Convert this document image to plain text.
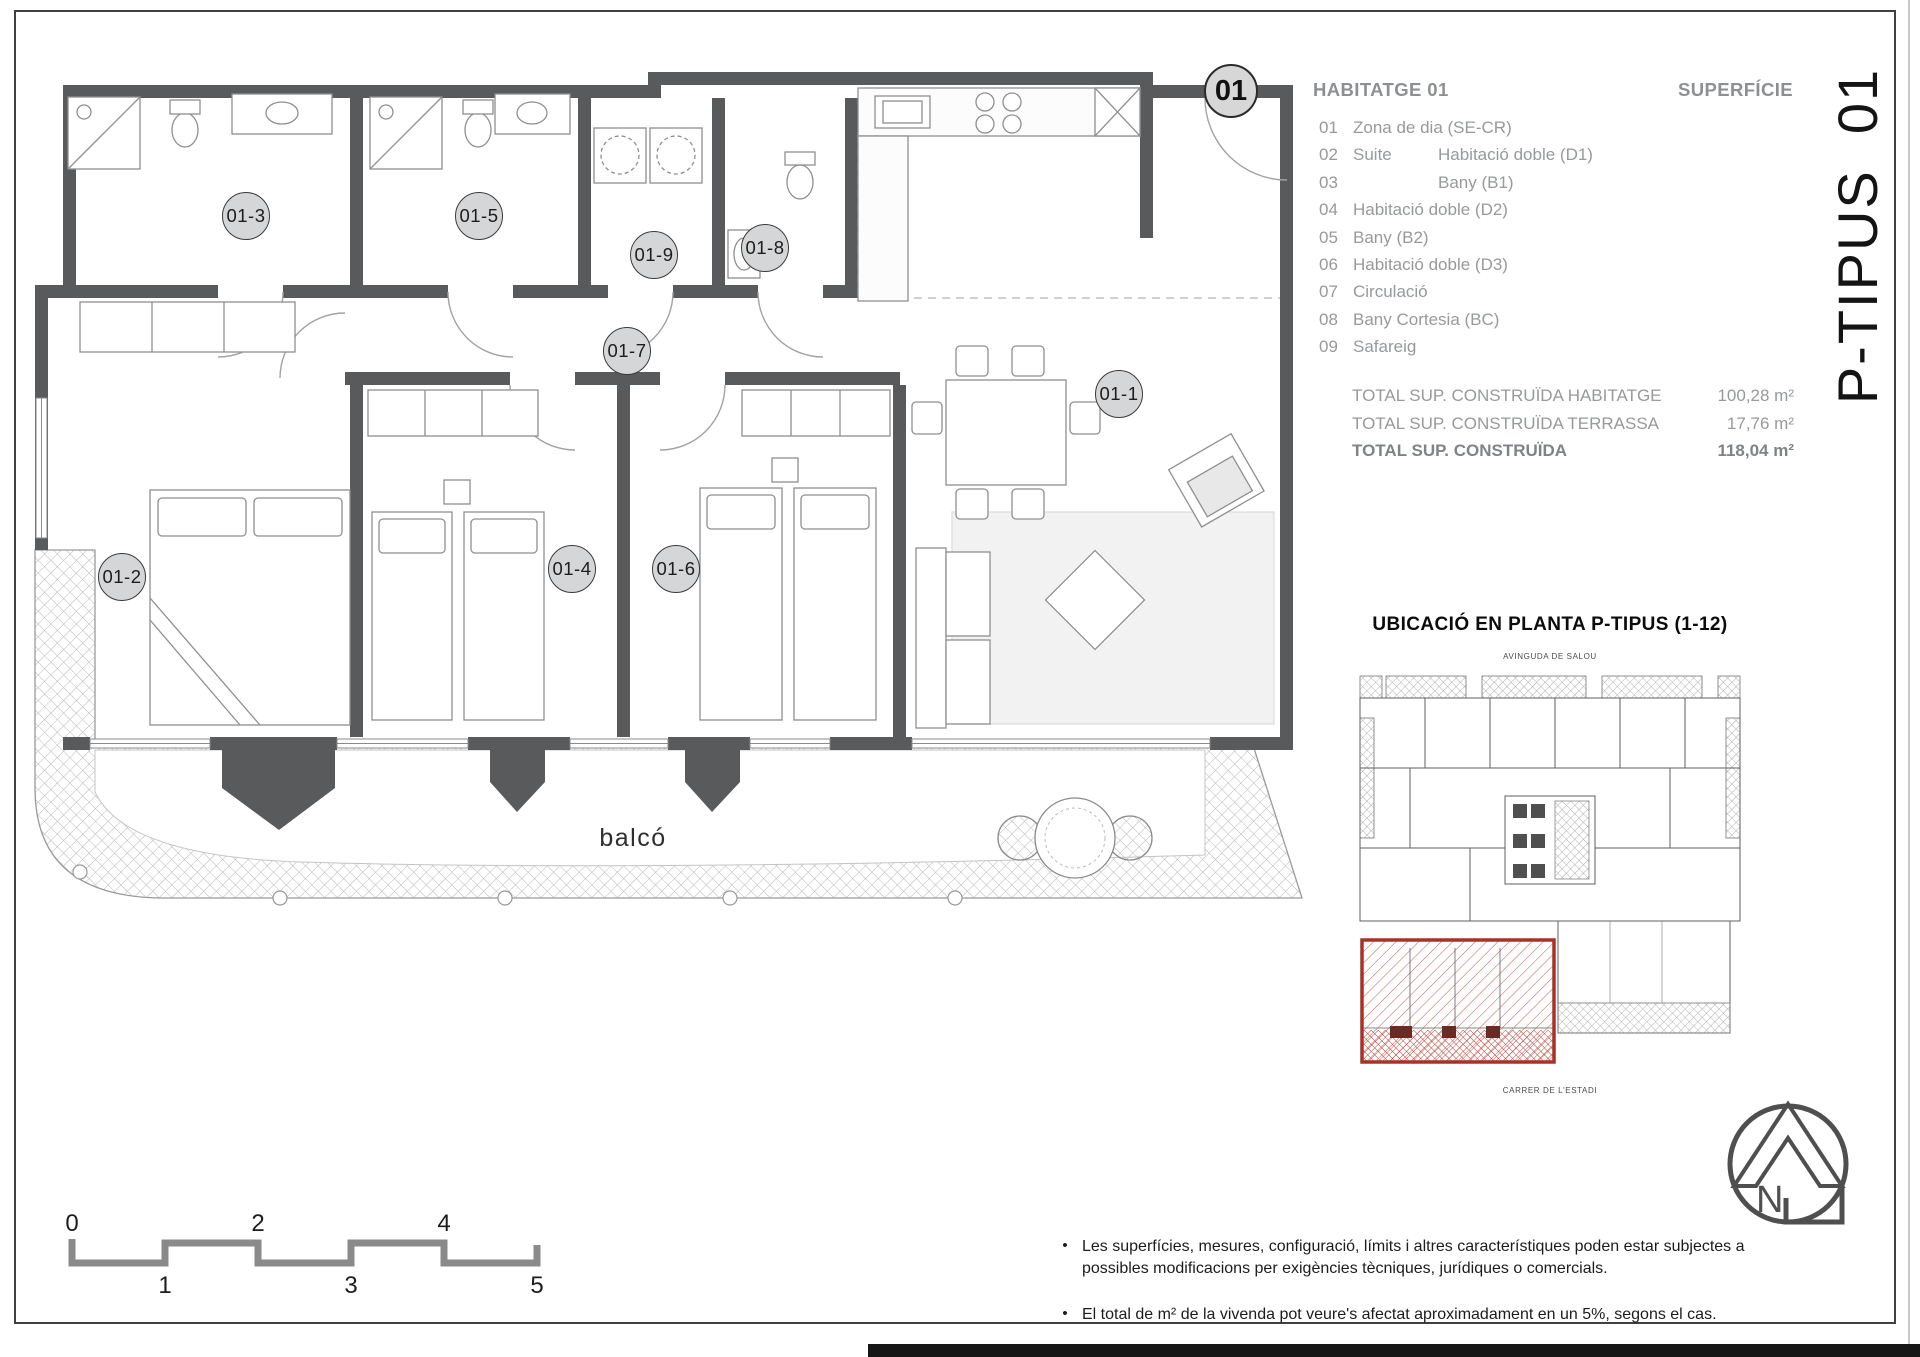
01-1
01-2
01-3
01-4
01-5
01-6
01-7
01-8
01-9
01
balcó
HABITATGE 01	SUPERFÍCIE
01 Zona de dia (SE-CR)
02 Suite	Habitació doble (D1)
03	Bany (B1)
04 Habitació doble (D2)
05 Bany (B2)
06 Habitació doble (D3)
07 Circulació
08 Bany Cortesia (BC)
09 Safareig
TOTAL SUP. CONSTRUÏDA HABITATGE	100,28 m²
TOTAL SUP. CONSTRUÏDA TERRASSA	17,76 m²
TOTAL SUP. CONSTRUÏDA	118,04 m²
P-TIPUS  01
UBICACIÓ EN PLANTA P-TIPUS (1-12)
AVINGUDA DE SALOU
CARRER DE L'ESTADI
N
0	2	4
1	3	5
• Les superfícies, mesures, configuració, límits i altres característiques poden estar subjectes a possibles modificacions per exigències tècniques, jurídiques o comercials.
• El total de m² de la vivenda pot veure's afectat aproximadament en un 5%, segons el cas.
